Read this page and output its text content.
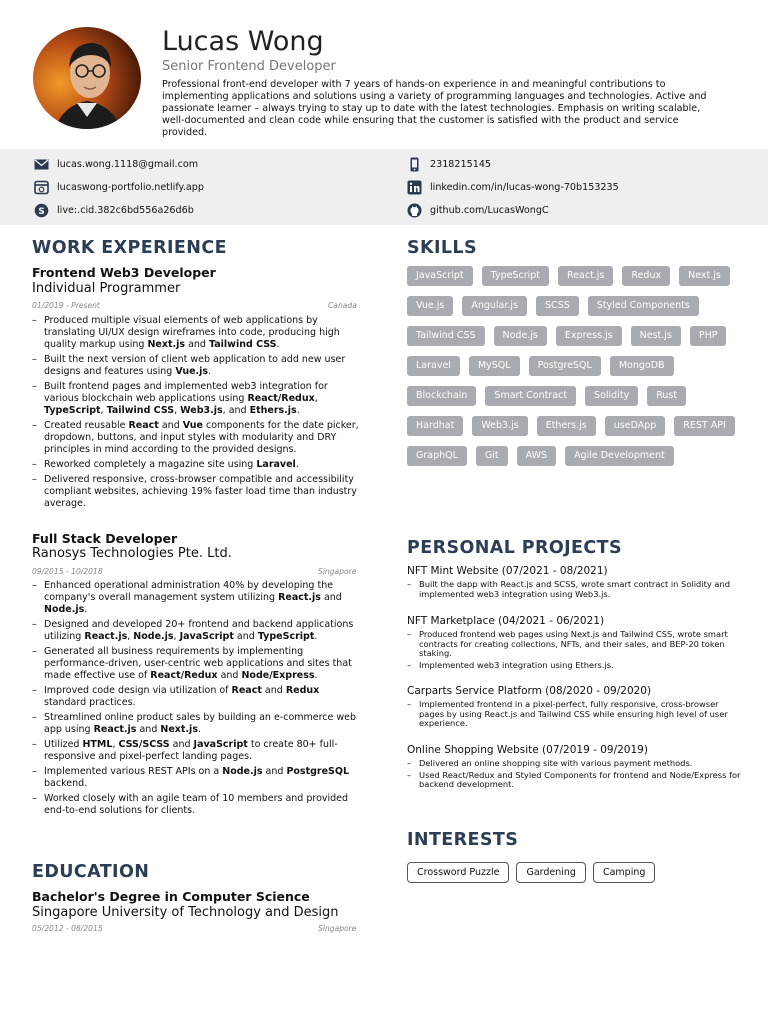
Lucas Wong
Senior Frontend Developer
Professional front-end developer with 7 years of hands-on experience in and meaningful contributions to implementing applications and solutions using a variety of programming languages and technologies. Active and passionate learner – always trying to stay up to date with the latest technologies. Emphasis on writing scalable, well-documented and clean code while ensuring that the customer is satisfied with the product and service provided.
lucas.wong.1118@gmail.com
lucaswong-portfolio.netlify.app
S live:.cid.382c6bd556a26d6b
2318215145
linkedin.com/in/lucas-wong-70b153235
github.com/LucasWongC
WORK EXPERIENCE
Frontend Web3 Developer
Individual Programmer
01/2019 - Present	Canada
– Produced multiple visual elements of web applications by translating UI/UX design wireframes into code, producing high quality markup using Next.js and Tailwind CSS.
– Built the next version of client web application to add new user designs and features using Vue.js.
– Built frontend pages and implemented web3 integration for various blockchain web applications using React/Redux, TypeScript, Tailwind CSS, Web3.js, and Ethers.js.
– Created reusable React and Vue components for the date picker, dropdown, buttons, and input styles with modularity and DRY principles in mind according to the provided designs.
– Reworked completely a magazine site using Laravel.
– Delivered responsive, cross-browser compatible and accessibility compliant websites, achieving 19% faster load time than industry average.
Full Stack Developer
Ranosys Technologies Pte. Ltd.
09/2015 - 10/2018	Singapore
– Enhanced operational administration 40% by developing the company's overall management system utilizing React.js and Node.js.
– Designed and developed 20+ frontend and backend applications utilizing React.js, Node.js, JavaScript and TypeScript.
– Generated all business requirements by implementing performance-driven, user-centric web applications and sites that made effective use of React/Redux and Node/Express.
– Improved code design via utilization of React and Redux standard practices.
– Streamlined online product sales by building an e-commerce web app using React.js and Next.js.
– Utilized HTML, CSS/SCSS and JavaScript to create 80+ full-responsive and pixel-perfect landing pages.
– Implemented various REST APIs on a Node.js and PostgreSQL backend.
– Worked closely with an agile team of 10 members and provided end-to-end solutions for clients.
EDUCATION
Bachelor's Degree in Computer Science
Singapore University of Technology and Design
05/2012 - 08/2015	Singapore
SKILLS
JavaScript	TypeScript	React.js	Redux	Next.js
Vue.js	Angular.js	SCSS	Styled Components
Tailwind CSS	Node.js	Express.js	Nest.js	PHP
Laravel	MySQL	PostgreSQL	MongoDB
Blockchain	Smart Contract	Solidity	Rust
Hardhat	Web3.js	Ethers.js	useDApp	REST API
GraphQL	Git	AWS	Agile Development
PERSONAL PROJECTS
NFT Mint Website (07/2021 - 08/2021)
– Built the dapp with React.js and SCSS, wrote smart contract in Solidity and implemented web3 integration using Web3.js.
NFT Marketplace (04/2021 - 06/2021)
– Produced frontend web pages using Next.js and Tailwind CSS, wrote smart contracts for creating collections, NFTs, and their sales, and BEP-20 token staking.
– Implemented web3 integration using Ethers.js.
Carparts Service Platform (08/2020 - 09/2020)
– Implemented frontend in a pixel-perfect, fully responsive, cross-browser pages by using React.js and Tailwind CSS while ensuring high level of user experience.
Online Shopping Website (07/2019 - 09/2019)
– Delivered an online shopping site with various payment methods.
– Used React/Redux and Styled Components for frontend and Node/Express for backend development.
INTERESTS
Crossword Puzzle	Gardening	Camping
